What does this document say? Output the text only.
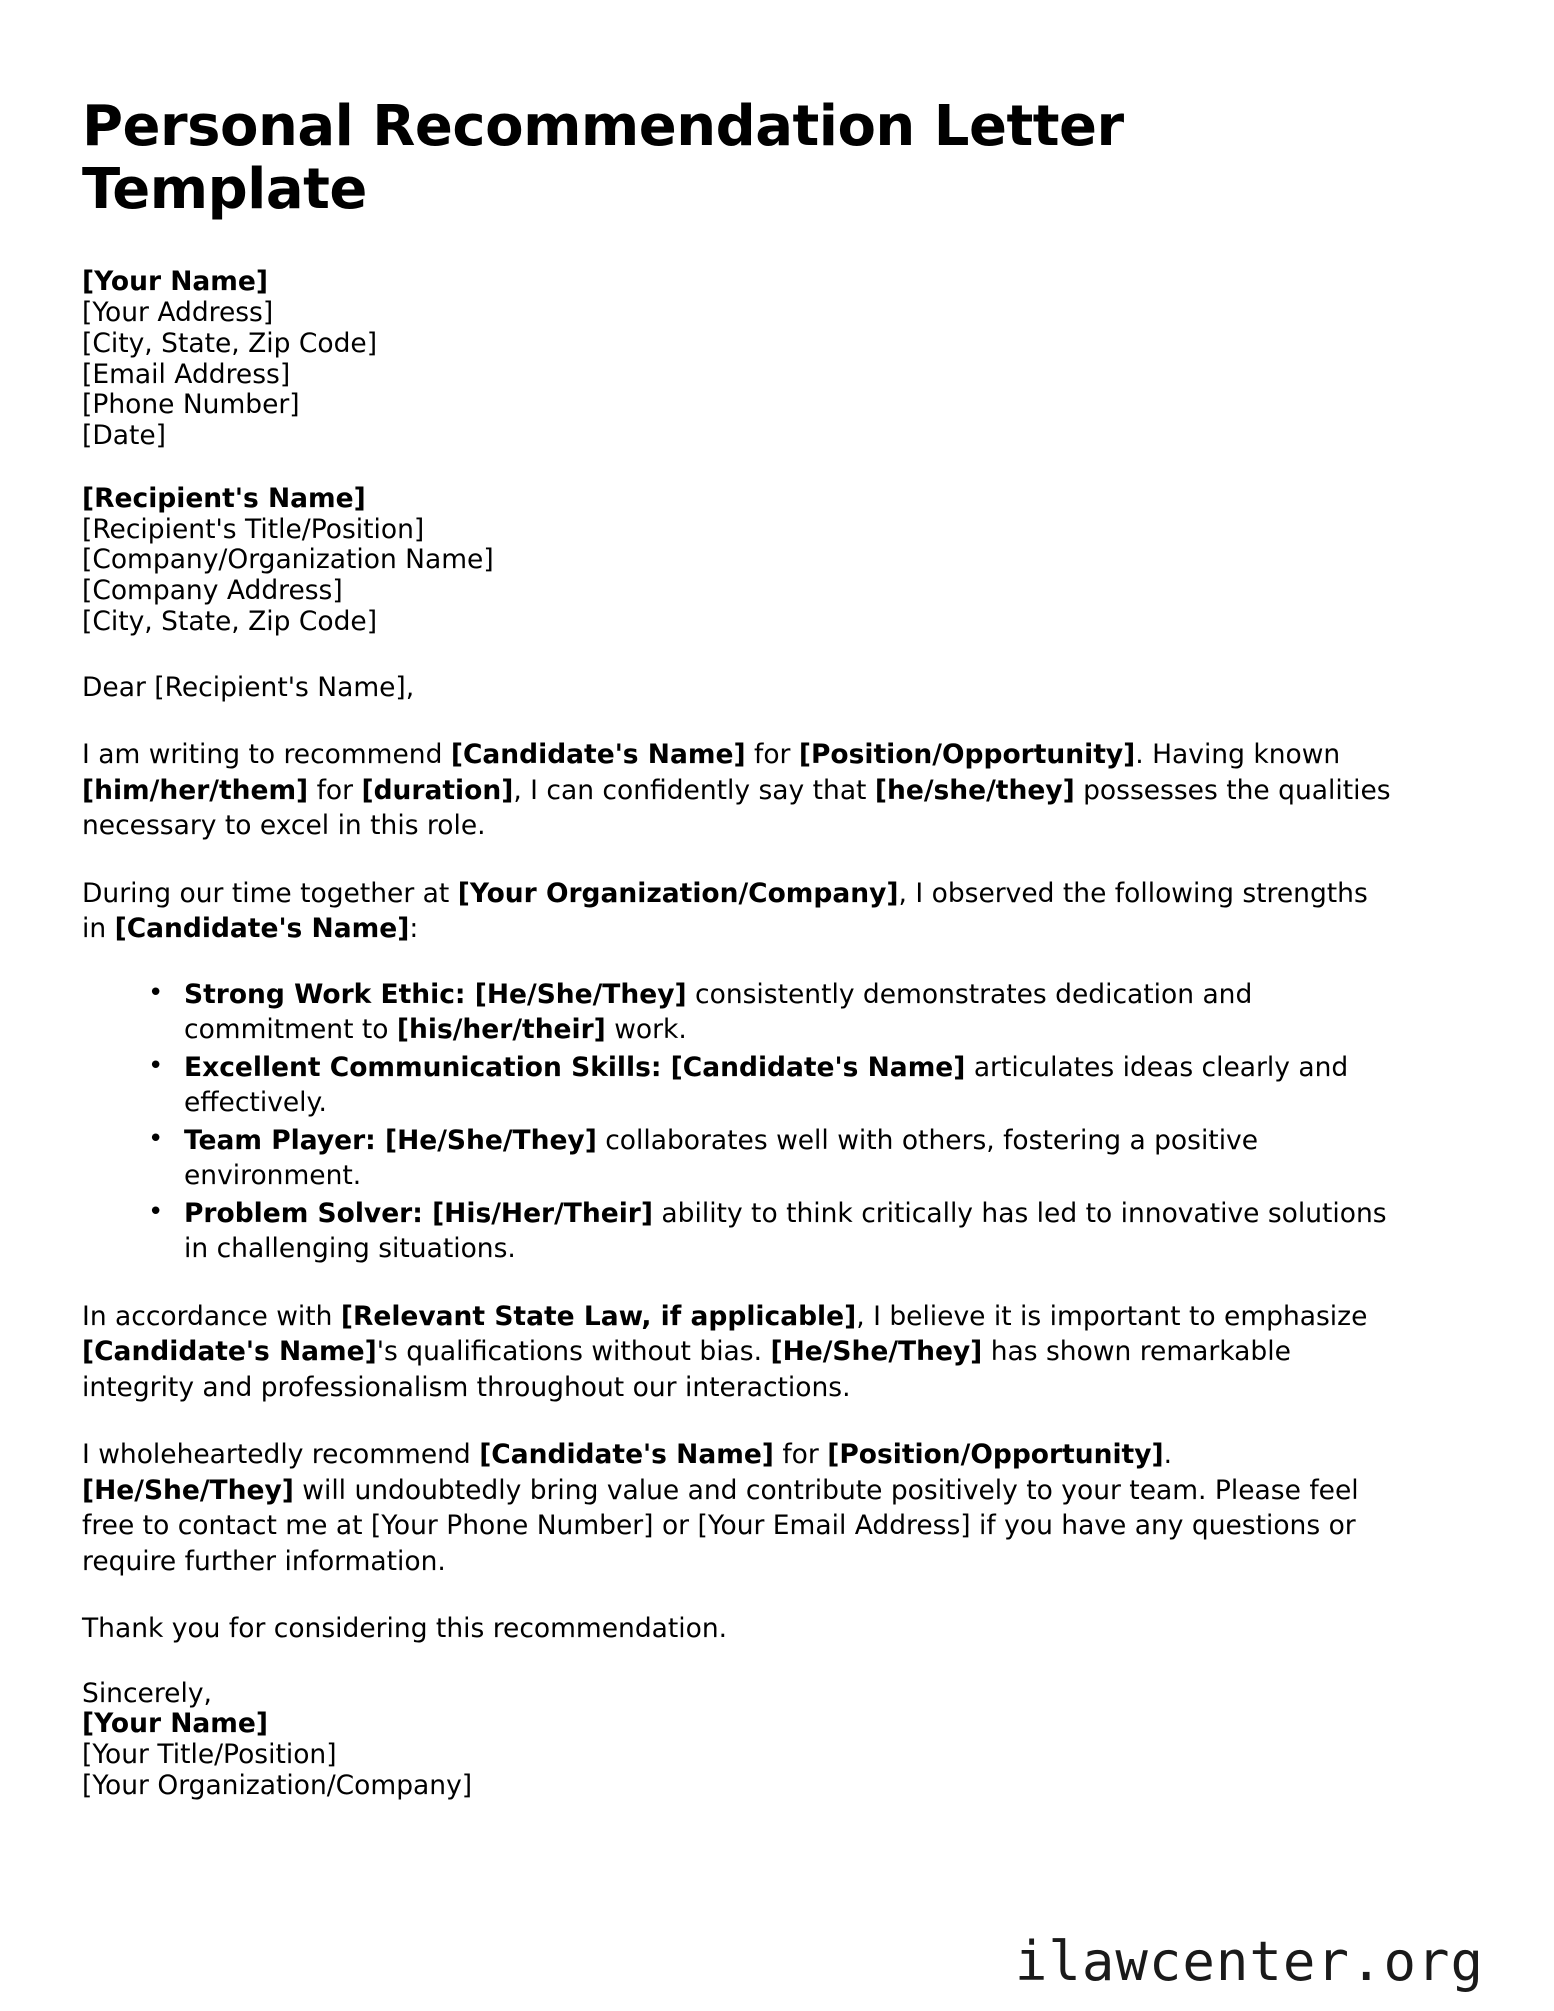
Personal Recommendation Letter Template
[Your Name]
[Your Address]
[City, State, Zip Code]
[Email Address]
[Phone Number]
[Date]
[Recipient's Name]
[Recipient's Title/Position]
[Company/Organization Name]
[Company Address]
[City, State, Zip Code]

Dear [Recipient's Name],

I am writing to recommend [Candidate's Name] for [Position/Opportunity]. Having known [him/her/them] for [duration], I can confidently say that [he/she/they] possesses the qualities necessary to excel in this role.

During our time together at [Your Organization/Company], I observed the following strengths in [Candidate's Name]:

• Strong Work Ethic: [He/She/They] consistently demonstrates dedication and commitment to [his/her/their] work.
• Excellent Communication Skills: [Candidate's Name] articulates ideas clearly and effectively.
• Team Player: [He/She/They] collaborates well with others, fostering a positive environment.
• Problem Solver: [His/Her/Their] ability to think critically has led to innovative solutions in challenging situations.

In accordance with [Relevant State Law, if applicable], I believe it is important to emphasize [Candidate's Name]'s qualifications without bias. [He/She/They] has shown remarkable integrity and professionalism throughout our interactions.

I wholeheartedly recommend [Candidate's Name] for [Position/Opportunity]. [He/She/They] will undoubtedly bring value and contribute positively to your team. Please feel free to contact me at [Your Phone Number] or [Your Email Address] if you have any questions or require further information.

Thank you for considering this recommendation.

Sincerely,
[Your Name]
[Your Title/Position]
[Your Organization/Company]
ilawcenter.org
